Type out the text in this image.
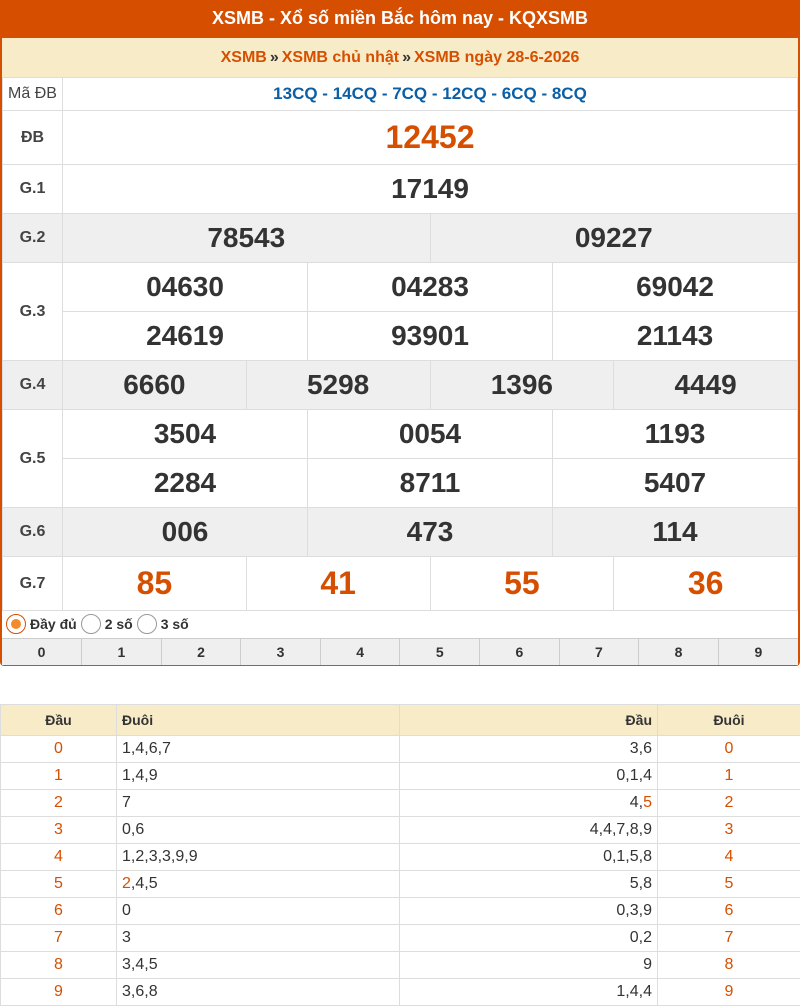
XSMB - Xổ số miền Bắc hôm nay - KQXSMB
XSMB » XSMB chủ nhật » XSMB ngày 28-6-2026
Mã ĐB	13CQ - 14CQ - 7CQ - 12CQ - 6CQ - 8CQ					
ĐB	12452					
G.1	17149					
G.2	78543			09227		
G.3	04630		04283		69042	
	24619		93901		21143	
G.4	6660	5298		1396		4449
G.5	3504		0054		1193	
	2284		8711		5407	
G.6	006		473		114	
G.7	85	41		55		36
Đầy đủ 2 số 3 số
0	1	2	3	4	5	6	7	8	9
Đầu	Đuôi	Đầu	Đuôi
0	1,4,6,7	3,6	0
1	1,4,9	0,1,4	1
2	7	4,5	2
3	0,6	4,4,7,8,9	3
4	1,2,3,3,9,9	0,1,5,8	4
5	2,4,5	5,8	5
6	0	0,3,9	6
7	3	0,2	7
8	3,4,5	9	8
9	3,6,8	1,4,4	9
